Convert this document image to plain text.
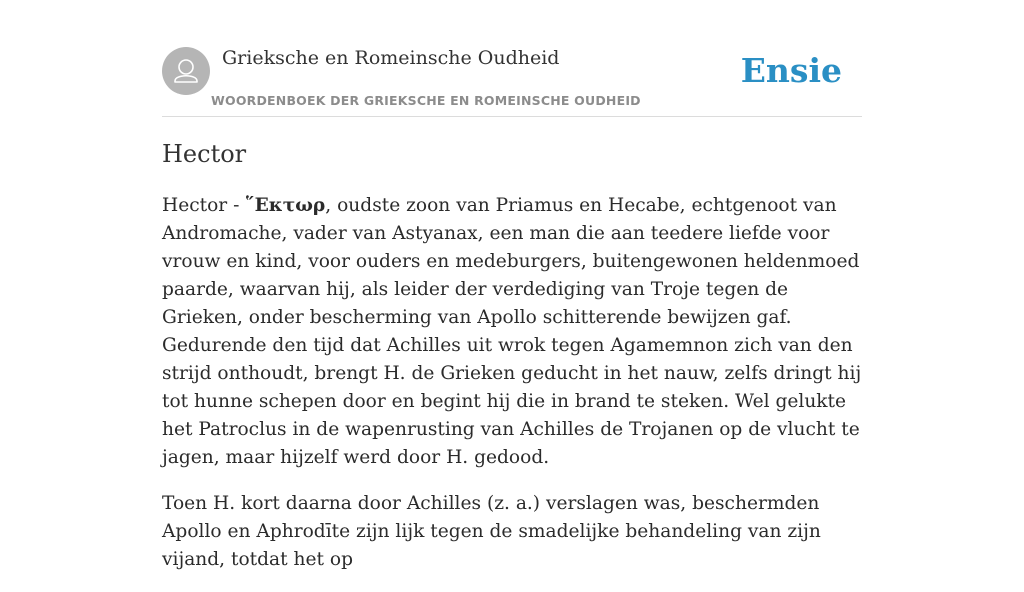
Grieksche en Romeinsche Oudheid
WOORDENBOEK DER GRIEKSCHE EN ROMEINSCHE OUDHEID
Ensie
Hector

Hector - ῞Εκτωρ, oudste zoon van Priamus en Hecabe, echtgenoot van Andromache, vader van Astyanax, een man die aan teedere liefde voor vrouw en kind, voor ouders en medeburgers, buitengewonen heldenmoed paarde, waarvan hij, als leider der verdediging van Troje tegen de Grieken, onder bescherming van Apollo schitterende bewijzen gaf. Gedurende den tijd dat Achilles uit wrok tegen Agamemnon zich van den strijd onthoudt, brengt H. de Grieken geducht in het nauw, zelfs dringt hij tot hunne schepen door en begint hij die in brand te steken. Wel gelukte het Patroclus in de wapenrusting van Achilles de Trojanen op de vlucht te jagen, maar hijzelf werd door H. gedood.

Toen H. kort daarna door Achilles (z. a.) verslagen was, beschermden Apollo en Aphrodīte zijn lijk tegen de smadelijke behandeling van zijn vijand, totdat het op
